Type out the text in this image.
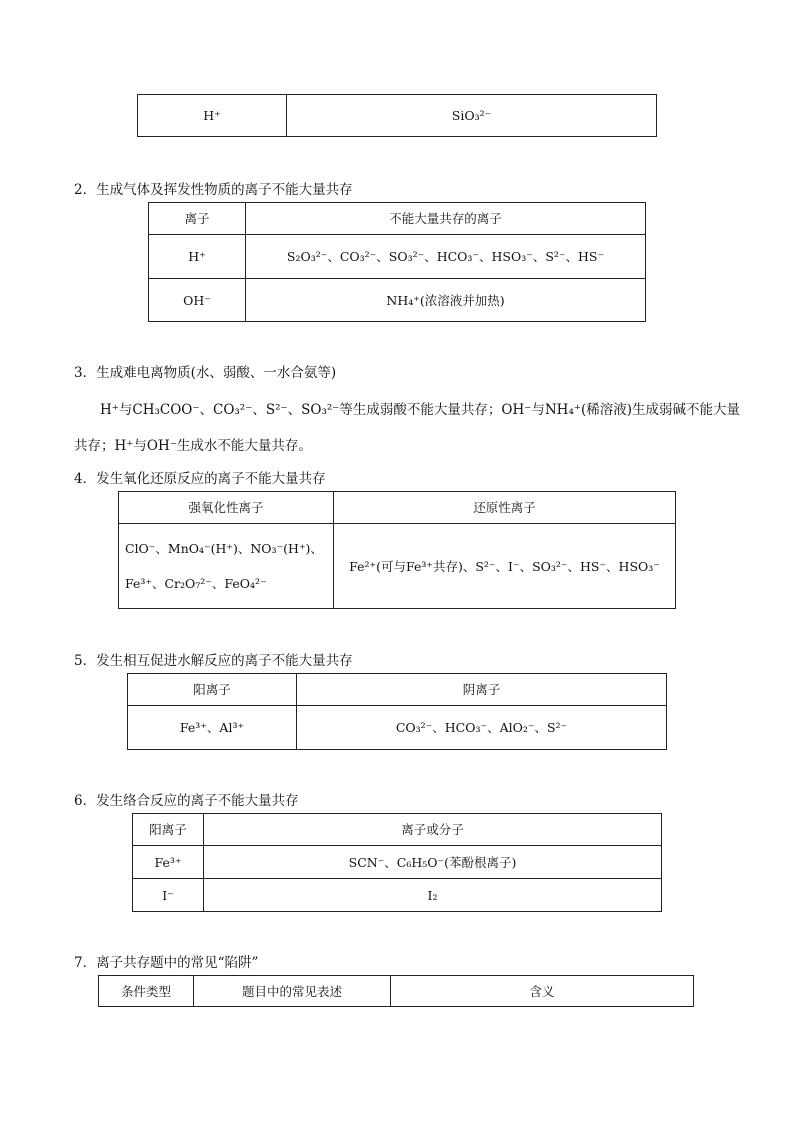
H⁺	SiO₃²⁻
2．生成气体及挥发性物质的离子不能大量共存
离子	不能大量共存的离子
H⁺	S₂O₃²⁻、CO₃²⁻、SO₃²⁻、HCO₃⁻、HSO₃⁻、S²⁻、HS⁻
OH⁻	NH₄⁺(浓溶液并加热)
3．生成难电离物质(水、弱酸、一水合氨等)
H⁺与CH₃COO⁻、CO₃²⁻、S²⁻、SO₃²⁻等生成弱酸不能大量共存；OH⁻与NH₄⁺(稀溶液)生成弱碱不能大量
共存；H⁺与OH⁻生成水不能大量共存。
4．发生氧化还原反应的离子不能大量共存
强氧化性离子	还原性离子

ClO⁻、MnO₄⁻(H⁺)、NO₃⁻(H⁺)、
Fe³⁺、Cr₂O₇²⁻、FeO₄²⁻	Fe²⁺(可与Fe³⁺共存)、S²⁻、I⁻、SO₃²⁻、HS⁻、HSO₃⁻
5．发生相互促进水解反应的离子不能大量共存
阳离子	阴离子
Fe³⁺、Al³⁺	CO₃²⁻、HCO₃⁻、AlO₂⁻、S²⁻
6．发生络合反应的离子不能大量共存
阳离子	离子或分子
Fe³⁺	SCN⁻、C₆H₅O⁻(苯酚根离子)
I⁻	I₂
7．离子共存题中的常见“陷阱”
条件类型	题目中的常见表述	含义
